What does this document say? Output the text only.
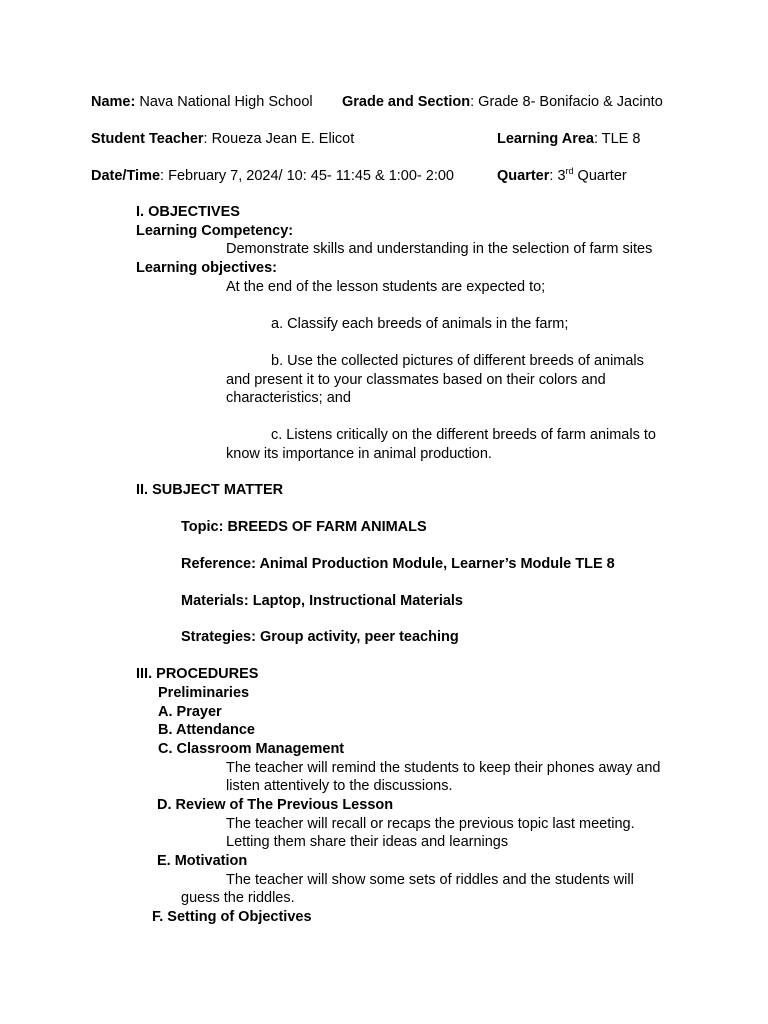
Name: Nava National High School Grade and Section: Grade 8- Bonifacio & Jacinto
Student Teacher: Roueza Jean E. Elicot	Learning Area: TLE 8
Date/Time: February 7, 2024/ 10: 45- 11:45 & 1:00- 2:00	Quarter: 3rd Quarter
I. OBJECTIVES
Learning Competency:
Demonstrate skills and understanding in the selection of farm sites
Learning objectives:
At the end of the lesson students are expected to;
a. Classify each breeds of animals in the farm;
b. Use the collected pictures of different breeds of animals
and present it to your classmates based on their colors and
characteristics; and
c. Listens critically on the different breeds of farm animals to
know its importance in animal production.
II. SUBJECT MATTER
Topic: BREEDS OF FARM ANIMALS
Reference: Animal Production Module, Learner’s Module TLE 8
Materials: Laptop, Instructional Materials
Strategies: Group activity, peer teaching
III. PROCEDURES
Preliminaries
A. Prayer
B. Attendance
C. Classroom Management
The teacher will remind the students to keep their phones away and
listen attentively to the discussions.
D. Review of The Previous Lesson
The teacher will recall or recaps the previous topic last meeting.
Letting them share their ideas and learnings
E. Motivation
The teacher will show some sets of riddles and the students will
guess the riddles.
F. Setting of Objectives
